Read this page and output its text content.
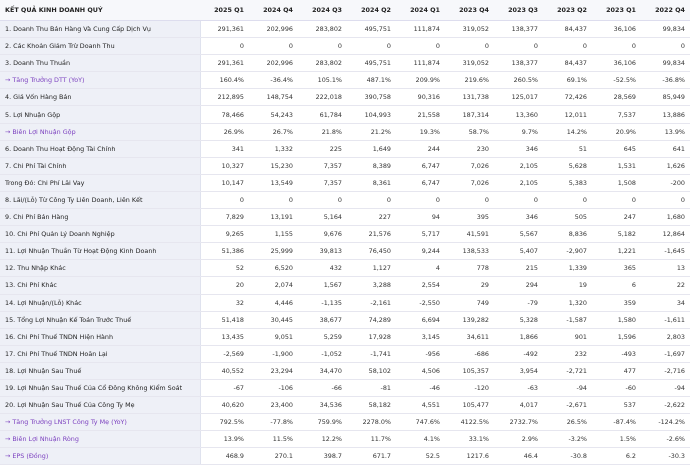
KẾT QUẢ KINH DOANH QUÝ	2025 Q1	2024 Q4	2024 Q3	2024 Q2	2024 Q1	2023 Q4	2023 Q3	2023 Q2	2023 Q1	2022 Q4
1. Doanh Thu Bán Hàng Và Cung Cấp Dịch Vụ	291,361	202,996	283,802	495,751	111,874	319,052	138,377	84,437	36,106	99,834
2. Các Khoản Giảm Trừ Doanh Thu	0	0	0	0	0	0	0	0	0	0
3. Doanh Thu Thuần	291,361	202,996	283,802	495,751	111,874	319,052	138,377	84,437	36,106	99,834
→ Tăng Trưởng DTT (YoY)	160.4%	-36.4%	105.1%	487.1%	209.9%	219.6%	260.5%	69.1%	-52.5%	-36.8%
4. Giá Vốn Hàng Bán	212,895	148,754	222,018	390,758	90,316	131,738	125,017	72,426	28,569	85,949
5. Lợi Nhuận Gộp	78,466	54,243	61,784	104,993	21,558	187,314	13,360	12,011	7,537	13,886
→ Biên Lợi Nhuận Gộp	26.9%	26.7%	21.8%	21.2%	19.3%	58.7%	9.7%	14.2%	20.9%	13.9%
6. Doanh Thu Hoạt Động Tài Chính	341	1,332	225	1,649	244	230	346	51	645	641
7. Chi Phí Tài Chính	10,327	15,230	7,357	8,389	6,747	7,026	2,105	5,628	1,531	1,626
Trong Đó: Chi Phí Lãi Vay	10,147	13,549	7,357	8,361	6,747	7,026	2,105	5,383	1,508	-200
8. Lãi/(Lỗ) Từ Công Ty Liên Doanh, Liên Kết	0	0	0	0	0	0	0	0	0	0
9. Chi Phí Bán Hàng	7,829	13,191	5,164	227	94	395	346	505	247	1,680
10. Chi Phí Quản Lý Doanh Nghiệp	9,265	1,155	9,676	21,576	5,717	41,591	5,567	8,836	5,182	12,864
11. Lợi Nhuận Thuần Từ Hoạt Động Kinh Doanh	51,386	25,999	39,813	76,450	9,244	138,533	5,407	-2,907	1,221	-1,645
12. Thu Nhập Khác	52	6,520	432	1,127	4	778	215	1,339	365	13
13. Chi Phí Khác	20	2,074	1,567	3,288	2,554	29	294	19	6	22
14. Lợi Nhuận/(Lỗ) Khác	32	4,446	-1,135	-2,161	-2,550	749	-79	1,320	359	34
15. Tổng Lợi Nhuận Kế Toán Trước Thuế	51,418	30,445	38,677	74,289	6,694	139,282	5,328	-1,587	1,580	-1,611
16. Chi Phí Thuế TNDN Hiện Hành	13,435	9,051	5,259	17,928	3,145	34,611	1,866	901	1,596	2,803
17. Chi Phí Thuế TNDN Hoãn Lại	-2,569	-1,900	-1,052	-1,741	-956	-686	-492	232	-493	-1,697
18. Lợi Nhuận Sau Thuế	40,552	23,294	34,470	58,102	4,506	105,357	3,954	-2,721	477	-2,716
19. Lợi Nhuận Sau Thuế Của Cổ Đông Không Kiểm Soát	-67	-106	-66	-81	-46	-120	-63	-94	-60	-94
20. Lợi Nhuận Sau Thuế Của Công Ty Mẹ	40,620	23,400	34,536	58,182	4,551	105,477	4,017	-2,671	537	-2,622
→ Tăng Trưởng LNST Công Ty Mẹ (YoY)	792.5%	-77.8%	759.9%	2278.0%	747.6%	4122.5%	2732.7%	26.5%	-87.4%	-124.2%
→ Biên Lợi Nhuận Ròng	13.9%	11.5%	12.2%	11.7%	4.1%	33.1%	2.9%	-3.2%	1.5%	-2.6%
→ EPS (Đồng)	468.9	270.1	398.7	671.7	52.5	1217.6	46.4	-30.8	6.2	-30.3
